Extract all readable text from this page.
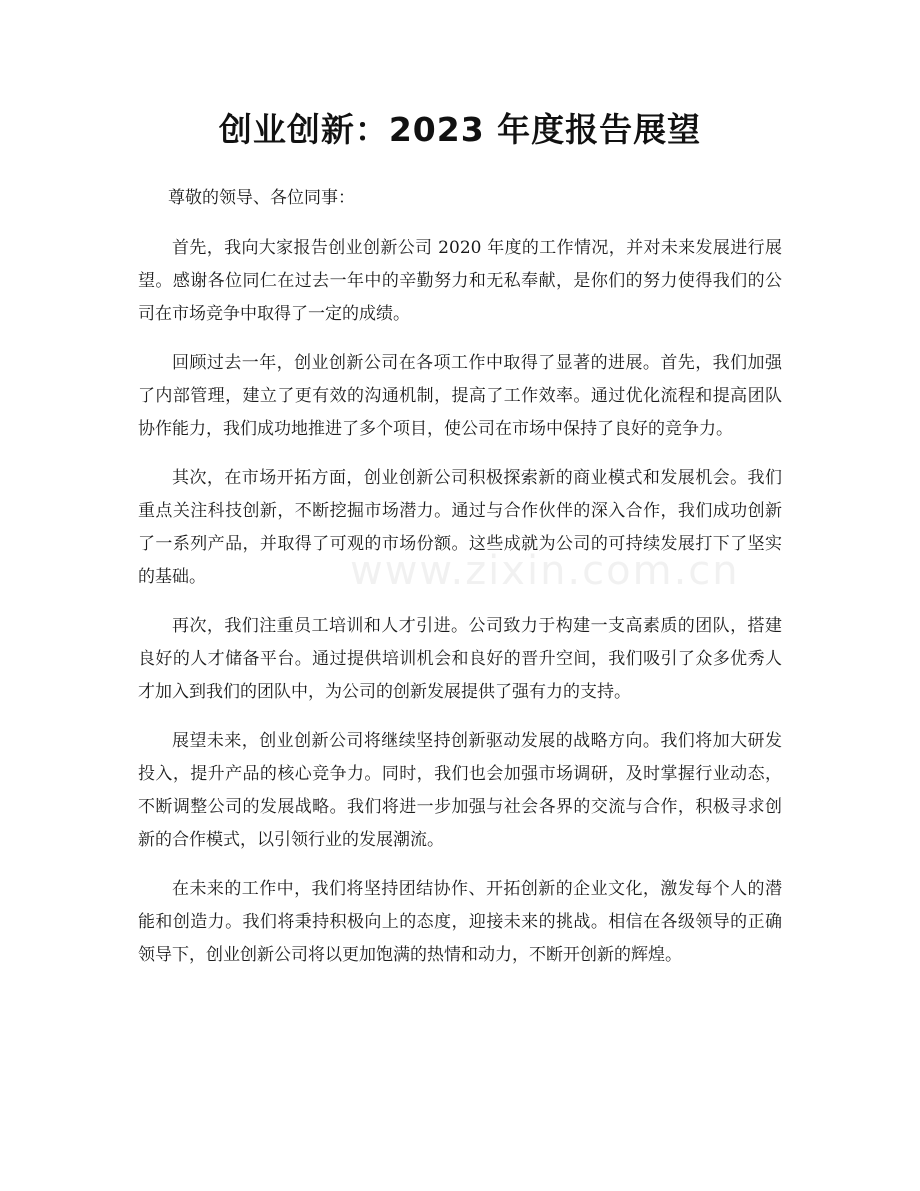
创业创新：2023 年度报告展望

尊敬的领导、各位同事：

首先，我向大家报告创业创新公司 2020 年度的工作情况，并对未来发展进行展望。感谢各位同仁在过去一年中的辛勤努力和无私奉献，是你们的努力使得我们的公司在市场竞争中取得了一定的成绩。

回顾过去一年，创业创新公司在各项工作中取得了显著的进展。首先，我们加强了内部管理，建立了更有效的沟通机制，提高了工作效率。通过优化流程和提高团队协作能力，我们成功地推进了多个项目，使公司在市场中保持了良好的竞争力。

其次，在市场开拓方面，创业创新公司积极探索新的商业模式和发展机会。我们重点关注科技创新，不断挖掘市场潜力。通过与合作伙伴的深入合作，我们成功创新了一系列产品，并取得了可观的市场份额。这些成就为公司的可持续发展打下了坚实的基础。

再次，我们注重员工培训和人才引进。公司致力于构建一支高素质的团队，搭建良好的人才储备平台。通过提供培训机会和良好的晋升空间，我们吸引了众多优秀人才加入到我们的团队中，为公司的创新发展提供了强有力的支持。

展望未来，创业创新公司将继续坚持创新驱动发展的战略方向。我们将加大研发投入，提升产品的核心竞争力。同时，我们也会加强市场调研，及时掌握行业动态，不断调整公司的发展战略。我们将进一步加强与社会各界的交流与合作，积极寻求创新的合作模式，以引领行业的发展潮流。

在未来的工作中，我们将坚持团结协作、开拓创新的企业文化，激发每个人的潜能和创造力。我们将秉持积极向上的态度，迎接未来的挑战。相信在各级领导的正确领导下，创业创新公司将以更加饱满的热情和动力，不断开创新的辉煌。

www.zixin.com.cn
